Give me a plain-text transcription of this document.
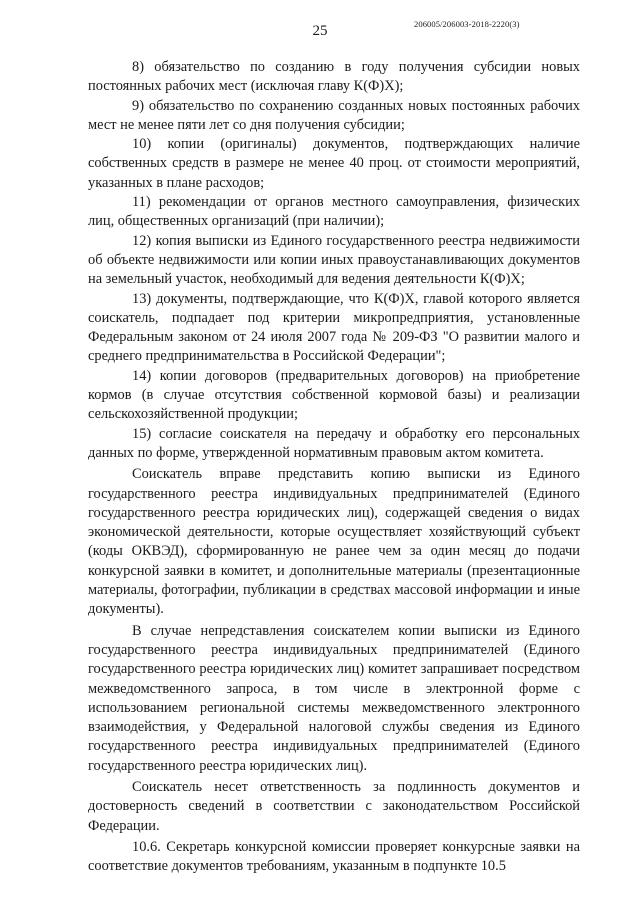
25	206005/206003-2018-2220(3)

8) обязательство по созданию в году получения субсидии новых постоянных рабочих мест (исключая главу К(Ф)Х);

9) обязательство по сохранению созданных новых постоянных рабочих мест не менее пяти лет со дня получения субсидии;

10) копии (оригиналы) документов, подтверждающих наличие собственных средств в размере не менее 40 проц. от стоимости мероприятий, указанных в плане расходов;

11) рекомендации от органов местного самоуправления, физических лиц, общественных организаций (при наличии);

12) копия выписки из Единого государственного реестра недвижимости об объекте недвижимости или копии иных правоустанавливающих документов на земельный участок, необходимый для ведения деятельности К(Ф)Х;

13) документы, подтверждающие, что К(Ф)Х, главой которого является соискатель, подпадает под критерии микропредприятия, установленные Федеральным законом от 24 июля 2007 года № 209-ФЗ "О развитии малого и среднего предпринимательства в Российской Федерации";

14) копии договоров (предварительных договоров) на приобретение кормов (в случае отсутствия собственной кормовой базы) и реализации сельскохозяйственной продукции;

15) согласие соискателя на передачу и обработку его персональных данных по форме, утвержденной нормативным правовым актом комитета.

Соискатель вправе представить копию выписки из Единого государственного реестра индивидуальных предпринимателей (Единого государственного реестра юридических лиц), содержащей сведения о видах экономической деятельности, которые осуществляет хозяйствующий субъект (коды ОКВЭД), сформированную не ранее чем за один месяц до подачи конкурсной заявки в комитет, и дополнительные материалы (презентационные материалы, фотографии, публикации в средствах массовой информации и иные документы).

В случае непредставления соискателем копии выписки из Единого государственного реестра индивидуальных предпринимателей (Единого государственного реестра юридических лиц) комитет запрашивает посредством межведомственного запроса, в том числе в электронной форме с использованием региональной системы межведомственного электронного взаимодействия, у Федеральной налоговой службы сведения из Единого государственного реестра индивидуальных предпринимателей (Единого государственного реестра юридических лиц).

Соискатель несет ответственность за подлинность документов и достоверность сведений в соответствии с законодательством Российской Федерации.

10.6. Секретарь конкурсной комиссии проверяет конкурсные заявки на соответствие документов требованиям, указанным в подпункте 10.5
